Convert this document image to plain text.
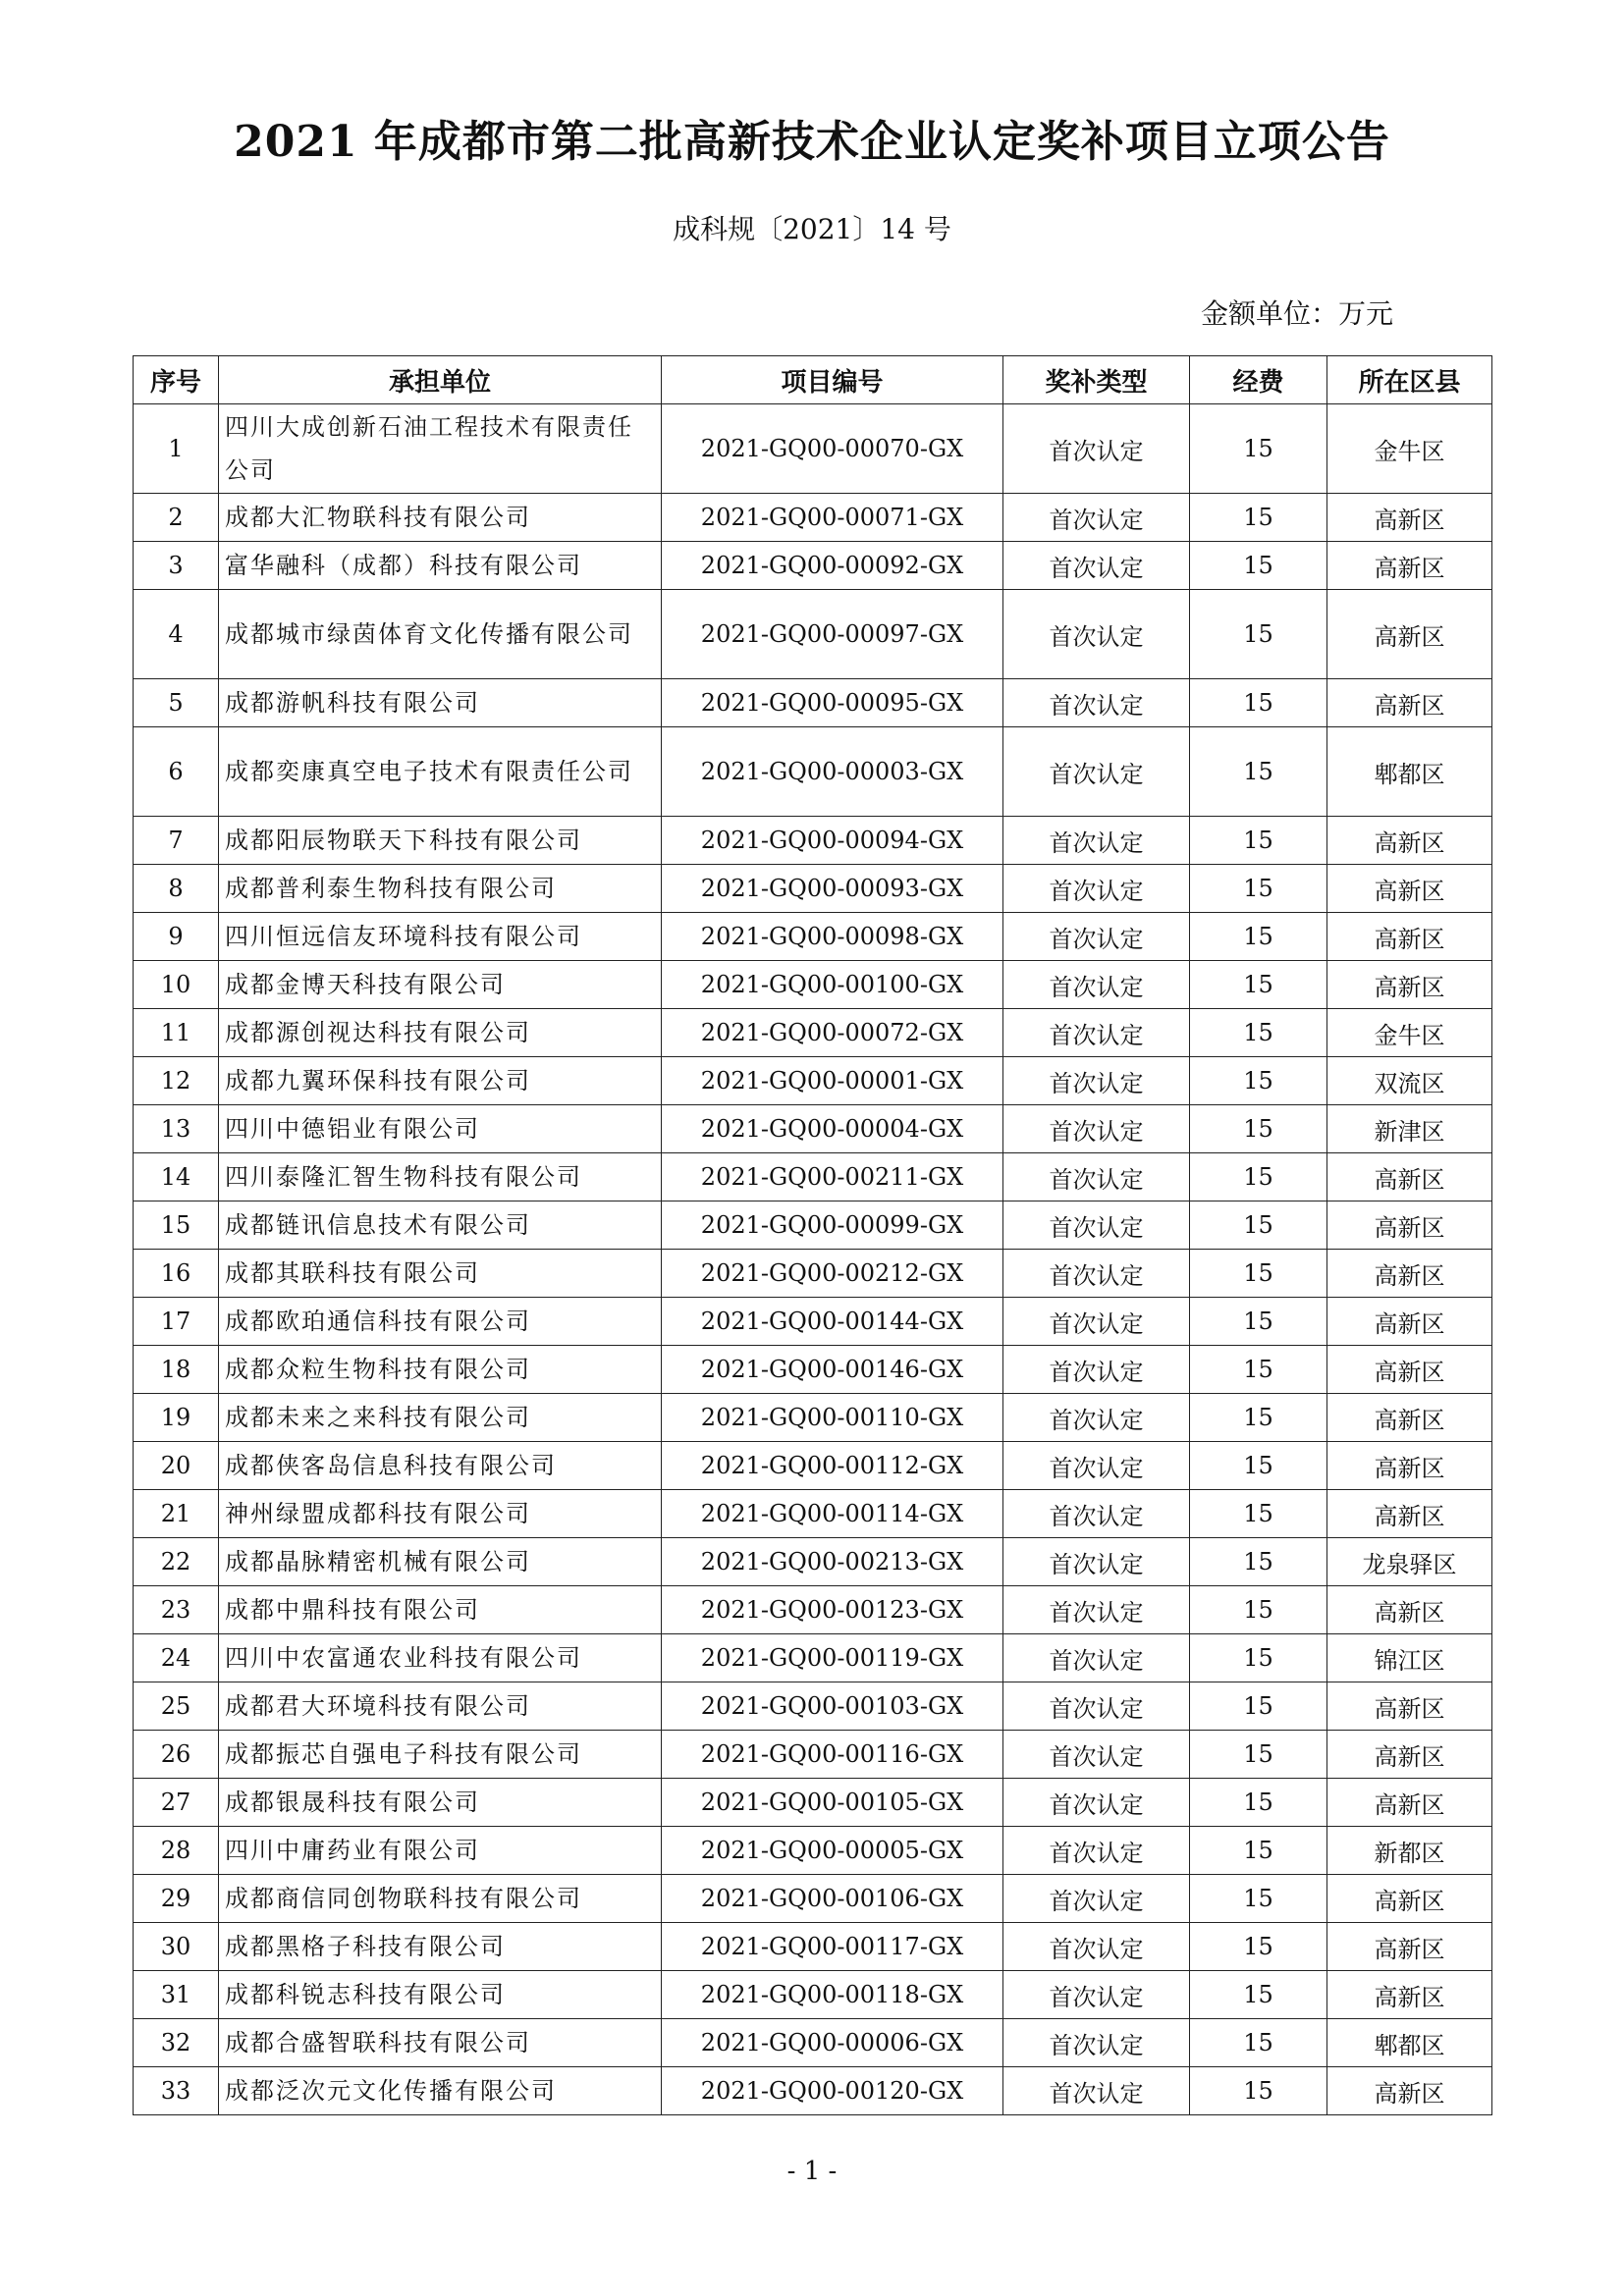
2021 年成都市第二批高新技术企业认定奖补项目立项公告
成科规〔2021〕14 号
金额单位：万元
序号	承担单位	项目编号	奖补类型	经费	所在区县
1	四川大成创新石油工程技术有限责任公司	2021-GQ00-00070-GX	首次认定	15	金牛区
2	成都大汇物联科技有限公司	2021-GQ00-00071-GX	首次认定	15	高新区
3	富华融科（成都）科技有限公司	2021-GQ00-00092-GX	首次认定	15	高新区
4	成都城市绿茵体育文化传播有限公司	2021-GQ00-00097-GX	首次认定	15	高新区
5	成都游帆科技有限公司	2021-GQ00-00095-GX	首次认定	15	高新区
6	成都奕康真空电子技术有限责任公司	2021-GQ00-00003-GX	首次认定	15	郫都区
7	成都阳辰物联天下科技有限公司	2021-GQ00-00094-GX	首次认定	15	高新区
8	成都普利泰生物科技有限公司	2021-GQ00-00093-GX	首次认定	15	高新区
9	四川恒远信友环境科技有限公司	2021-GQ00-00098-GX	首次认定	15	高新区
10	成都金博天科技有限公司	2021-GQ00-00100-GX	首次认定	15	高新区
11	成都源创视达科技有限公司	2021-GQ00-00072-GX	首次认定	15	金牛区
12	成都九翼环保科技有限公司	2021-GQ00-00001-GX	首次认定	15	双流区
13	四川中德铝业有限公司	2021-GQ00-00004-GX	首次认定	15	新津区
14	四川泰隆汇智生物科技有限公司	2021-GQ00-00211-GX	首次认定	15	高新区
15	成都链讯信息技术有限公司	2021-GQ00-00099-GX	首次认定	15	高新区
16	成都其联科技有限公司	2021-GQ00-00212-GX	首次认定	15	高新区
17	成都欧珀通信科技有限公司	2021-GQ00-00144-GX	首次认定	15	高新区
18	成都众粒生物科技有限公司	2021-GQ00-00146-GX	首次认定	15	高新区
19	成都未来之来科技有限公司	2021-GQ00-00110-GX	首次认定	15	高新区
20	成都侠客岛信息科技有限公司	2021-GQ00-00112-GX	首次认定	15	高新区
21	神州绿盟成都科技有限公司	2021-GQ00-00114-GX	首次认定	15	高新区
22	成都晶脉精密机械有限公司	2021-GQ00-00213-GX	首次认定	15	龙泉驿区
23	成都中鼎科技有限公司	2021-GQ00-00123-GX	首次认定	15	高新区
24	四川中农富通农业科技有限公司	2021-GQ00-00119-GX	首次认定	15	锦江区
25	成都君大环境科技有限公司	2021-GQ00-00103-GX	首次认定	15	高新区
26	成都振芯自强电子科技有限公司	2021-GQ00-00116-GX	首次认定	15	高新区
27	成都银晟科技有限公司	2021-GQ00-00105-GX	首次认定	15	高新区
28	四川中庸药业有限公司	2021-GQ00-00005-GX	首次认定	15	新都区
29	成都商信同创物联科技有限公司	2021-GQ00-00106-GX	首次认定	15	高新区
30	成都黑格子科技有限公司	2021-GQ00-00117-GX	首次认定	15	高新区
31	成都科锐志科技有限公司	2021-GQ00-00118-GX	首次认定	15	高新区
32	成都合盛智联科技有限公司	2021-GQ00-00006-GX	首次认定	15	郫都区
33	成都泛次元文化传播有限公司	2021-GQ00-00120-GX	首次认定	15	高新区
- 1 -
